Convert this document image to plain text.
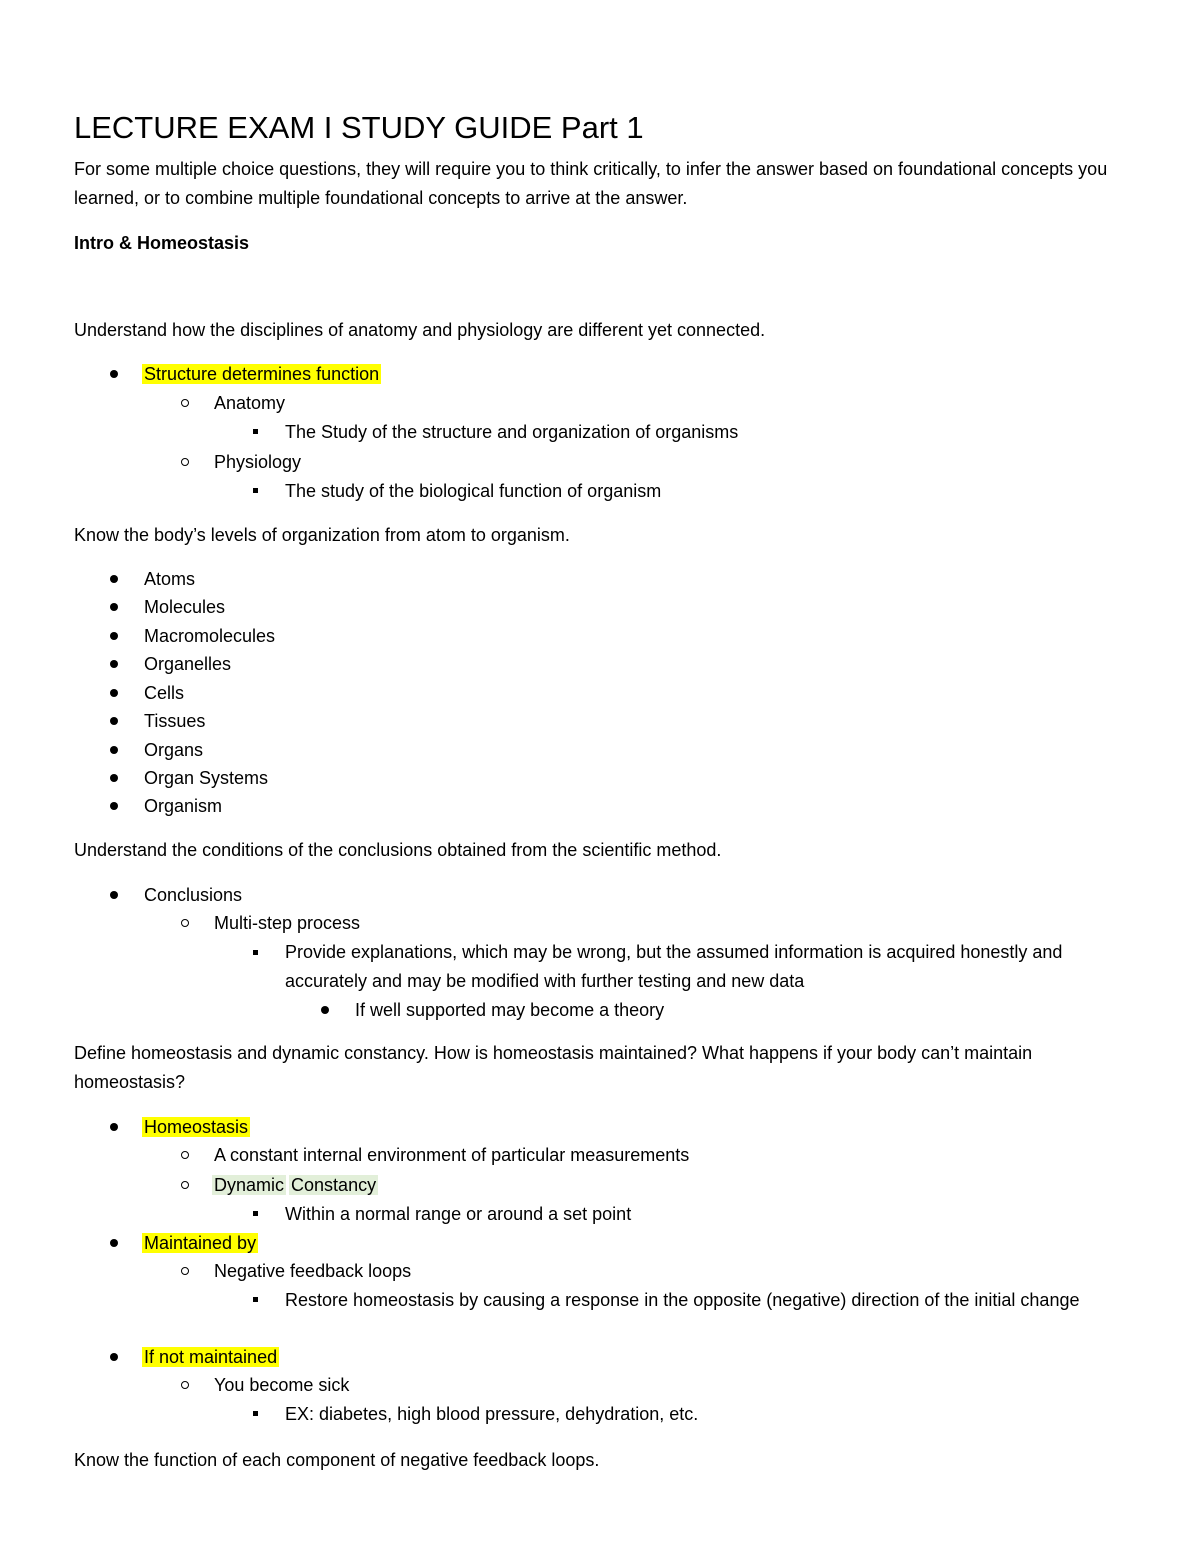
LECTURE EXAM I STUDY GUIDE Part 1
For some multiple choice questions, they will require you to think critically, to infer the answer based on foundational concepts you learned, or to combine multiple foundational concepts to arrive at the answer.
Intro & Homeostasis
Understand how the disciplines of anatomy and physiology are different yet connected.
Structure determines function
Anatomy
The Study of the structure and organization of organisms
Physiology
The study of the biological function of organism
Know the body’s levels of organization from atom to organism.
Atoms
Molecules
Macromolecules
Organelles
Cells
Tissues
Organs
Organ Systems
Organism
Understand the conditions of the conclusions obtained from the scientific method.
Conclusions
Multi-step process
Provide explanations, which may be wrong, but the assumed information is acquired honestly and accurately and may be modified with further testing and new data
If well supported may become a theory
Define homeostasis and dynamic constancy. How is homeostasis maintained? What happens if your body can’t maintain homeostasis?
Homeostasis
A constant internal environment of particular measurements
Dynamic Constancy
Within a normal range or around a set point
Maintained by
Negative feedback loops
Restore homeostasis by causing a response in the opposite (negative) direction of the initial change
If not maintained
You become sick
EX: diabetes, high blood pressure, dehydration, etc.
Know the function of each component of negative feedback loops.
